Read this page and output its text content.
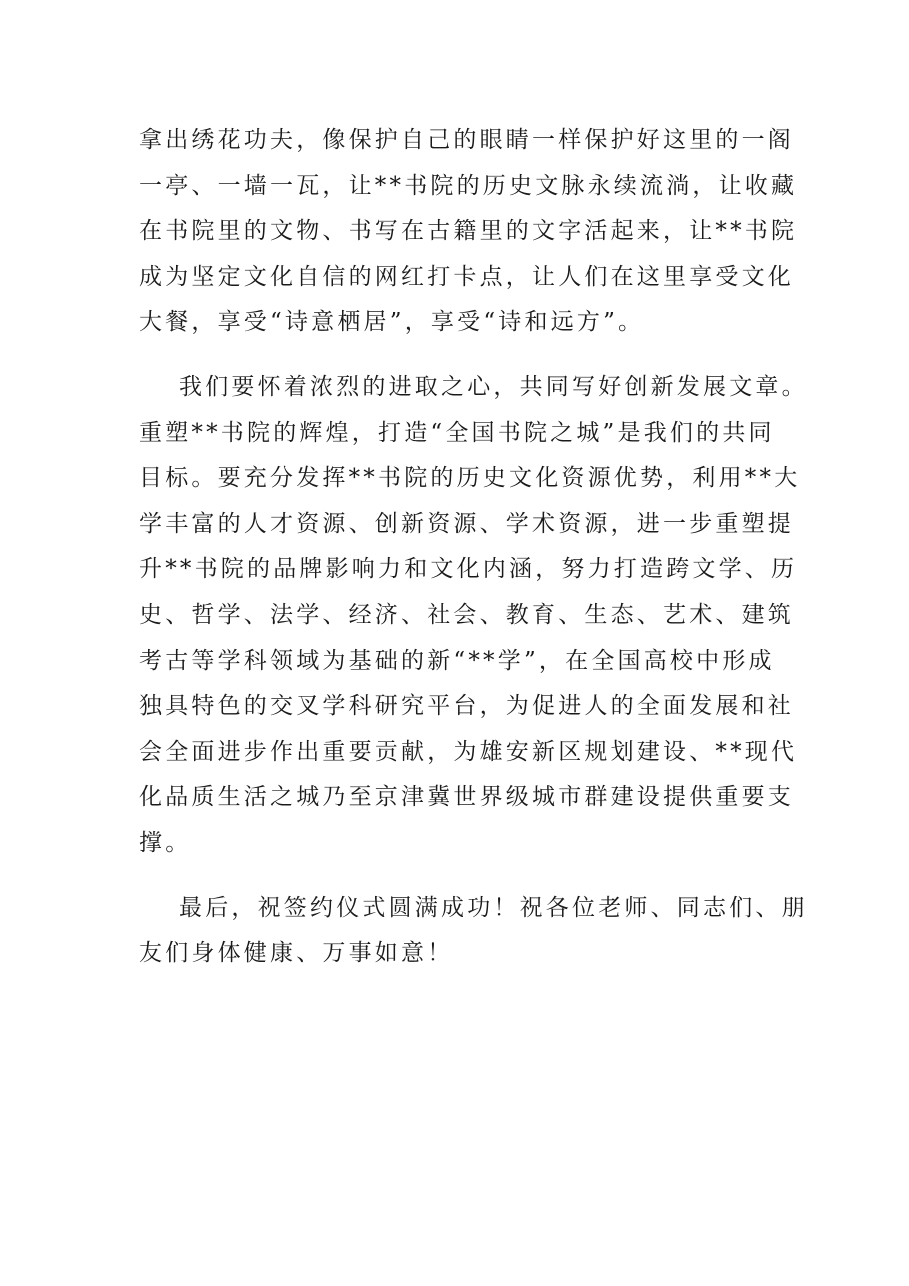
拿出绣花功夫，像保护自己的眼睛一样保护好这里的一阁
一亭、一墙一瓦，让**书院的历史文脉永续流淌，让收藏
在书院里的文物、书写在古籍里的文字活起来，让**书院
成为坚定文化自信的网红打卡点，让人们在这里享受文化
大餐，享受“诗意栖居”，享受“诗和远方”。
我们要怀着浓烈的进取之心，共同写好创新发展文章。
重塑**书院的辉煌，打造“全国书院之城”是我们的共同
目标。要充分发挥**书院的历史文化资源优势，利用**大
学丰富的人才资源、创新资源、学术资源，进一步重塑提
升**书院的品牌影响力和文化内涵，努力打造跨文学、历
史、哲学、法学、经济、社会、教育、生态、艺术、建筑
考古等学科领域为基础的新“**学”，在全国高校中形成
独具特色的交叉学科研究平台，为促进人的全面发展和社
会全面进步作出重要贡献，为雄安新区规划建设、**现代
化品质生活之城乃至京津冀世界级城市群建设提供重要支
撑。
最后，祝签约仪式圆满成功！祝各位老师、同志们、朋
友们身体健康、万事如意！
